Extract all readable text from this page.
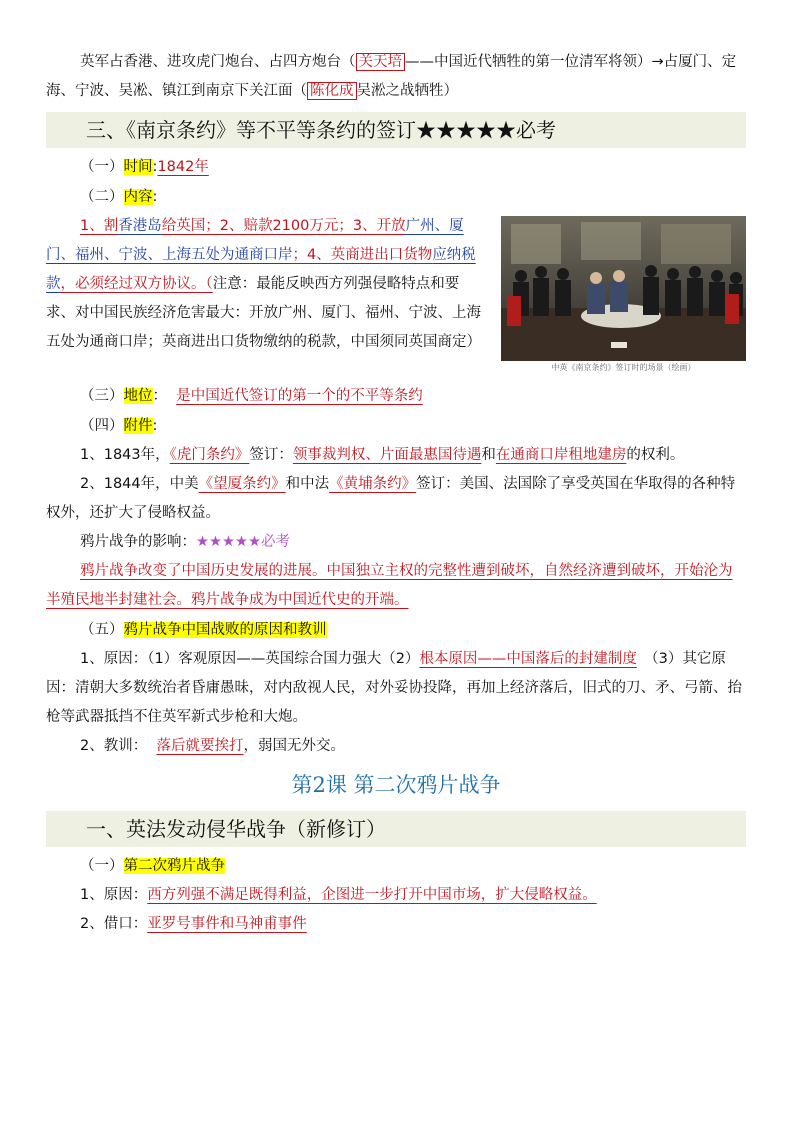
英军占香港、进攻虎门炮台、占四方炮台（ 关天培 ——中国近代牺牲的第一位清军将领）→占厦门、定海、宁波、吴凇、镇江到南京下关江面（ 陈化成 吴淞之战牺牲）

三、《南京条约》等不平等条约的签订★★★★★必考

（一）时间:1842年

（二）内容:

中英《南京条约》签订时的场景（绘画）

1、割香港岛给英国；2、赔款2100万元；3、开放广州、厦门、福州、宁波、上海五处为通商口岸；4、英商进出口货物应纳税款，必须经过双方协议。（注意：最能反映西方列强侵略特点和要求、对中国民族经济危害最大：开放广州、厦门、福州、宁波、上海五处为通商口岸；英商进出口货物缴纳的税款，中国须同英国商定）

（三）地位： 是中国近代签订的第一个的不平等条约

（四）附件:

1、1843年，《虎门条约》签订：领事裁判权、片面最惠国待遇和在通商口岸租地建房的权利。

2、1844年，中美《望厦条约》和中法《黄埔条约》签订：美国、法国除了享受英国在华取得的各种特权外，还扩大了侵略权益。

鸦片战争的影响：★★★★★必考

鸦片战争改变了中国历史发展的进展。中国独立主权的完整性遭到破坏，自然经济遭到破坏，开始沦为半殖民地半封建社会。鸦片战争成为中国近代史的开端。

（五）鸦片战争中国战败的原因和教训

1、原因：（1）客观原因——英国综合国力强大（2）根本原因——中国落后的封建制度　（3）其它原因：清朝大多数统治者昏庸愚昧，对内敌视人民，对外妥协投降，再加上经济落后，旧式的刀、矛、弓箭、抬枪等武器抵挡不住英军新式步枪和大炮。

2、教训： 落后就要挨打，弱国无外交。

第2课 第二次鸦片战争
一、英法发动侵华战争（新修订）

（一）第二次鸦片战争

1、原因：西方列强不满足既得利益，企图进一步打开中国市场，扩大侵略权益。

2、借口：亚罗号事件和马神甫事件
